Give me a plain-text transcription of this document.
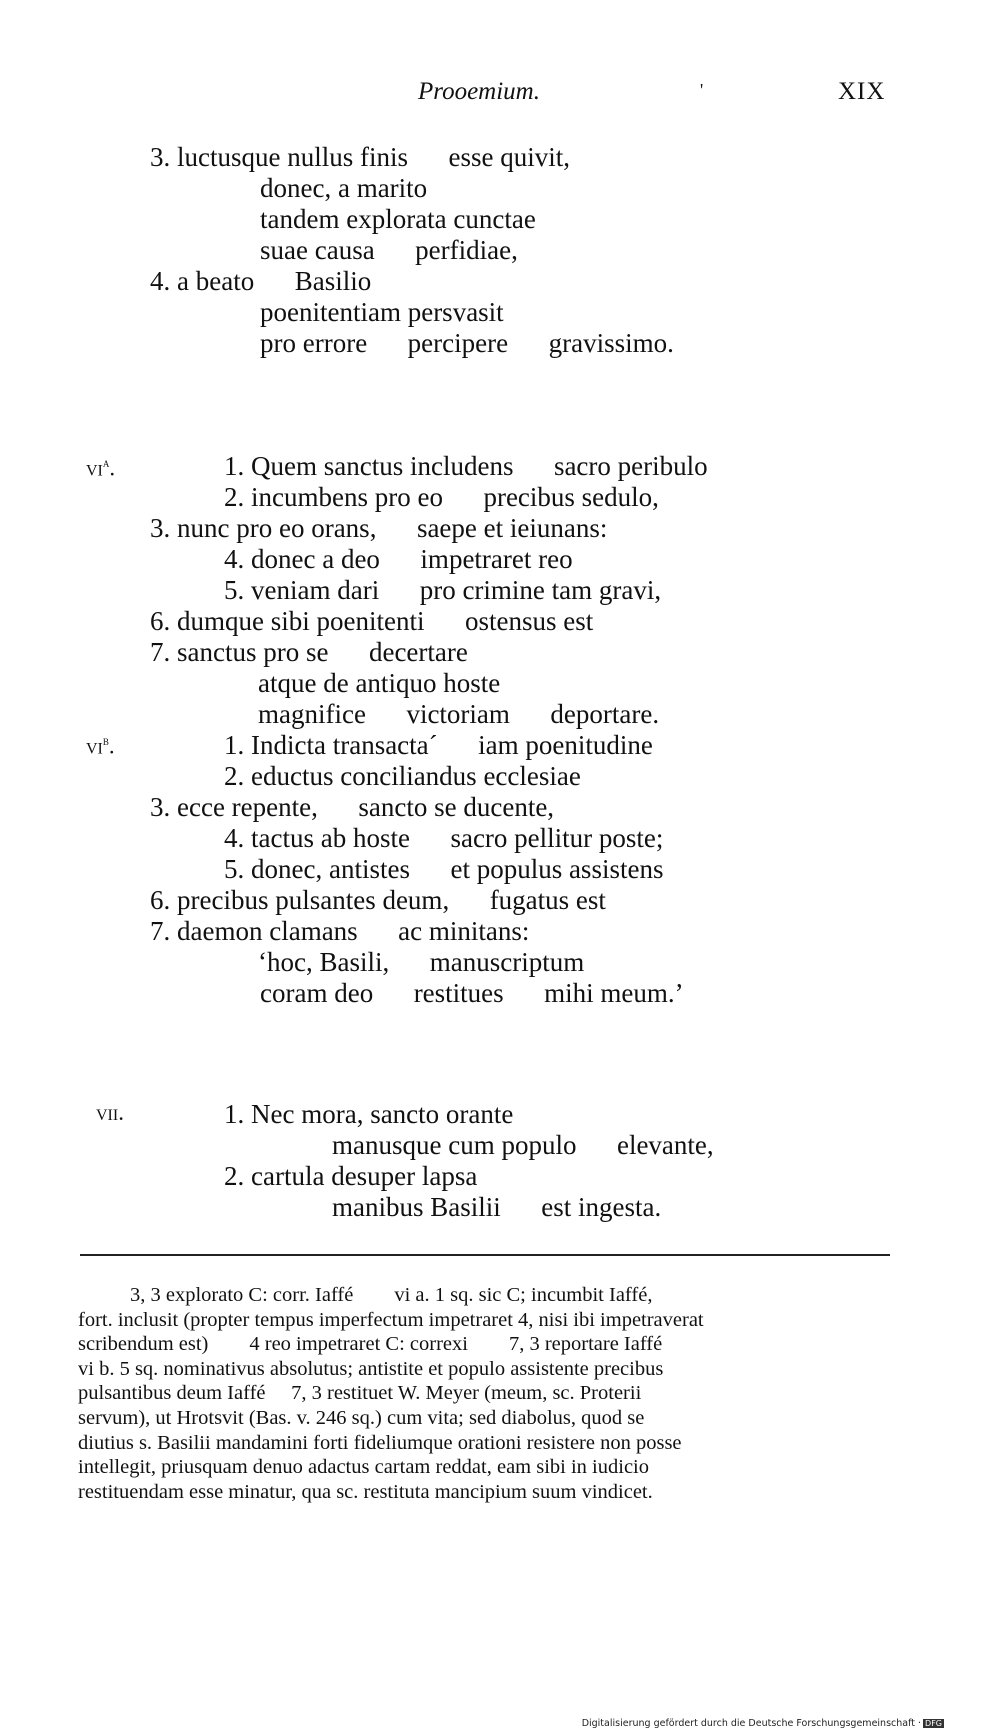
Prooemium.	'	XIX
$vi^a$.
$vi^b$.
vii.
3. luctusque nullus finis      esse quivit,
donec, a marito
tandem explorata cunctae
suae causa      perfidiae,
4. a beato      Basilio
poenitentiam persvasit
pro errore      percipere      gravissimo.
1. Quem sanctus includens      sacro peribulo
2. incumbens pro eo      precibus sedulo,
3. nunc pro eo orans,      saepe et ieiunans:
4. donec a deo      impetraret reo
5. veniam dari      pro crimine tam gravi,
6. dumque sibi poenitenti      ostensus est
7. sanctus pro se      decertare
atque de antiquo hoste
magnifice      victoriam      deportare.
1. Indicta transacta´      iam poenitudine
2. eductus conciliandus ecclesiae
3. ecce repente,      sancto se ducente,
4. tactus ab hoste      sacro pellitur poste;
5. donec, antistes      et populus assistens
6. precibus pulsantes deum,      fugatus est
7. daemon clamans      ac minitans:
‘hoc, Basili,      manuscriptum
coram deo      restitues      mihi meum.’
1. Nec mora, sancto orante
manusque cum populo      elevante,
2. cartula desuper lapsa
manibus Basilii      est ingesta.
3, 3 explorato C: corr. Iaffé        vi a. 1 sq. sic C; incumbit Iaffé,
fort. inclusit (propter tempus imperfectum impetraret 4, nisi ibi impetraverat
scribendum est)        4 reo impetraret C: correxi        7, 3 reportare Iaffé
vi b. 5 sq. nominativus absolutus; antistite et populo assistente precibus
pulsantibus deum Iaffé     7, 3 restituet W. Meyer (meum, sc. Proterii
servum), ut Hrotsvit (Bas. v. 246 sq.) cum vita; sed diabolus, quod se
diutius s. Basilii mandamini forti fideliumque orationi resistere non posse
intellegit, priusquam denuo adactus cartam reddat, eam sibi in iudicio
restituendam esse minatur, qua sc. restituta mancipium suum vindicet.
Digitalisierung gefördert durch die Deutsche Forschungsgemeinschaft · DFG
